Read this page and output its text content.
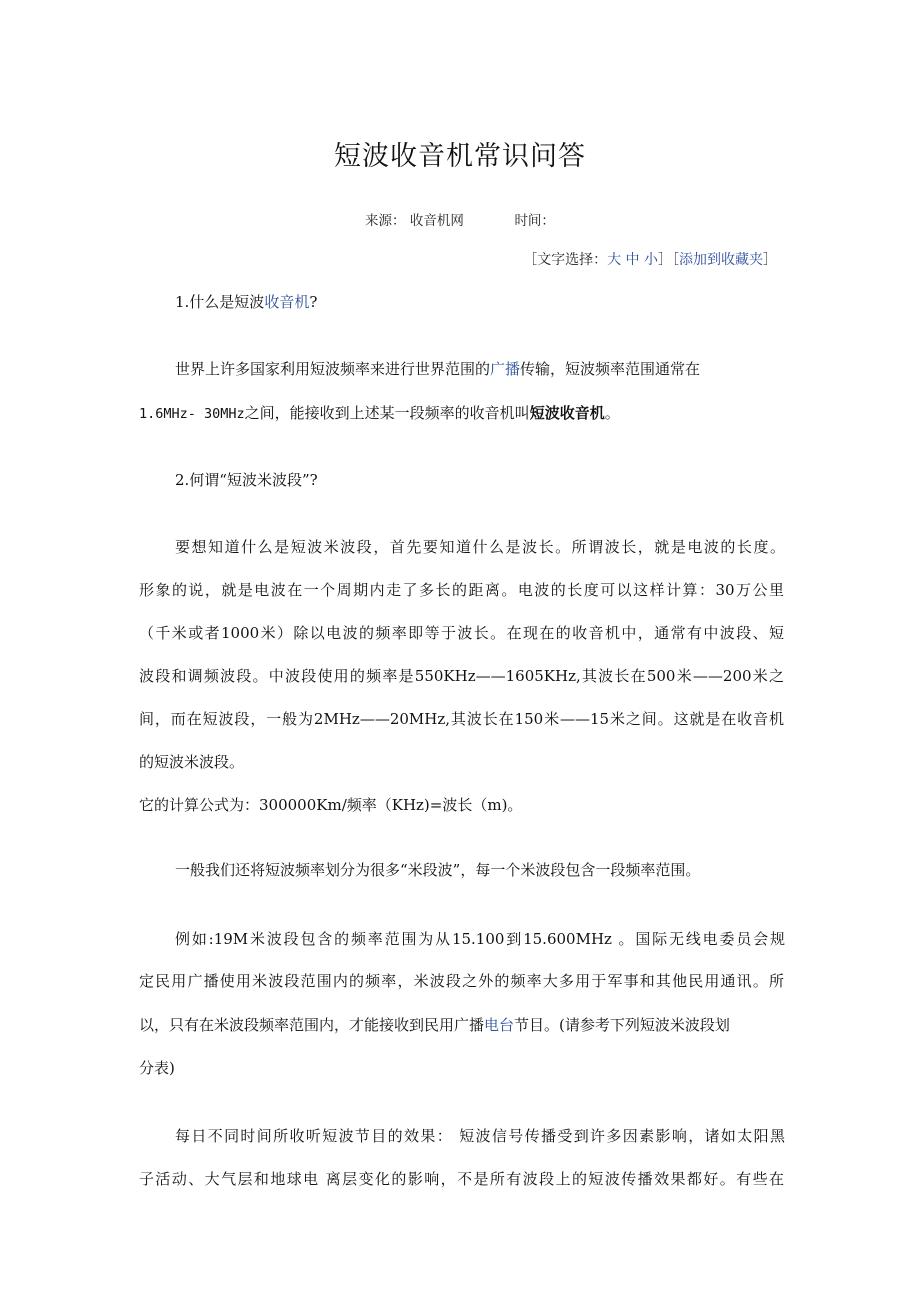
短波收音机常识问答
来源： 收音机网	时间：
［文字选择：大 中 小］［添加到收藏夹］
1.什么是短波收音机?
世界上许多国家利用短波频率来进行世界范围的广播传输，短波频率范围通常在
1.6MHz- 30MHz之间，能接收到上述某一段频率的收音机叫短波收音机。
2.何谓“短波米波段”?
要想知道什么是短波米波段，首先要知道什么是波长。所谓波长，就是电波的长度。
形象的说，就是电波在一个周期内走了多长的距离。电波的长度可以这样计算：30万公里
（千米或者1000米）除以电波的频率即等于波长。在现在的收音机中，通常有中波段、短
波段和调频波段。中波段使用的频率是550KHz——1605KHz,其波长在500米——200米之
间，而在短波段，一般为2MHz——20MHz,其波长在150米——15米之间。这就是在收音机
的短波米波段。
它的计算公式为：300000Km/频率（KHz)=波长（m)。
一般我们还将短波频率划分为很多“米段波”，每一个米波段包含一段频率范围。
例如:19M米波段包含的频率范围为从15.100到15.600MHz 。国际无线电委员会规
定民用广播使用米波段范围内的频率，米波段之外的频率大多用于军事和其他民用通讯。所
以，只有在米波段频率范围内，才能接收到民用广播电台节目。(请参考下列短波米波段划
分表)
每日不同时间所收听短波节目的效果： 短波信号传播受到许多因素影响，诸如太阳黑
子活动、大气层和地球电 离层变化的影响，不是所有波段上的短波传播效果都好。有些在
